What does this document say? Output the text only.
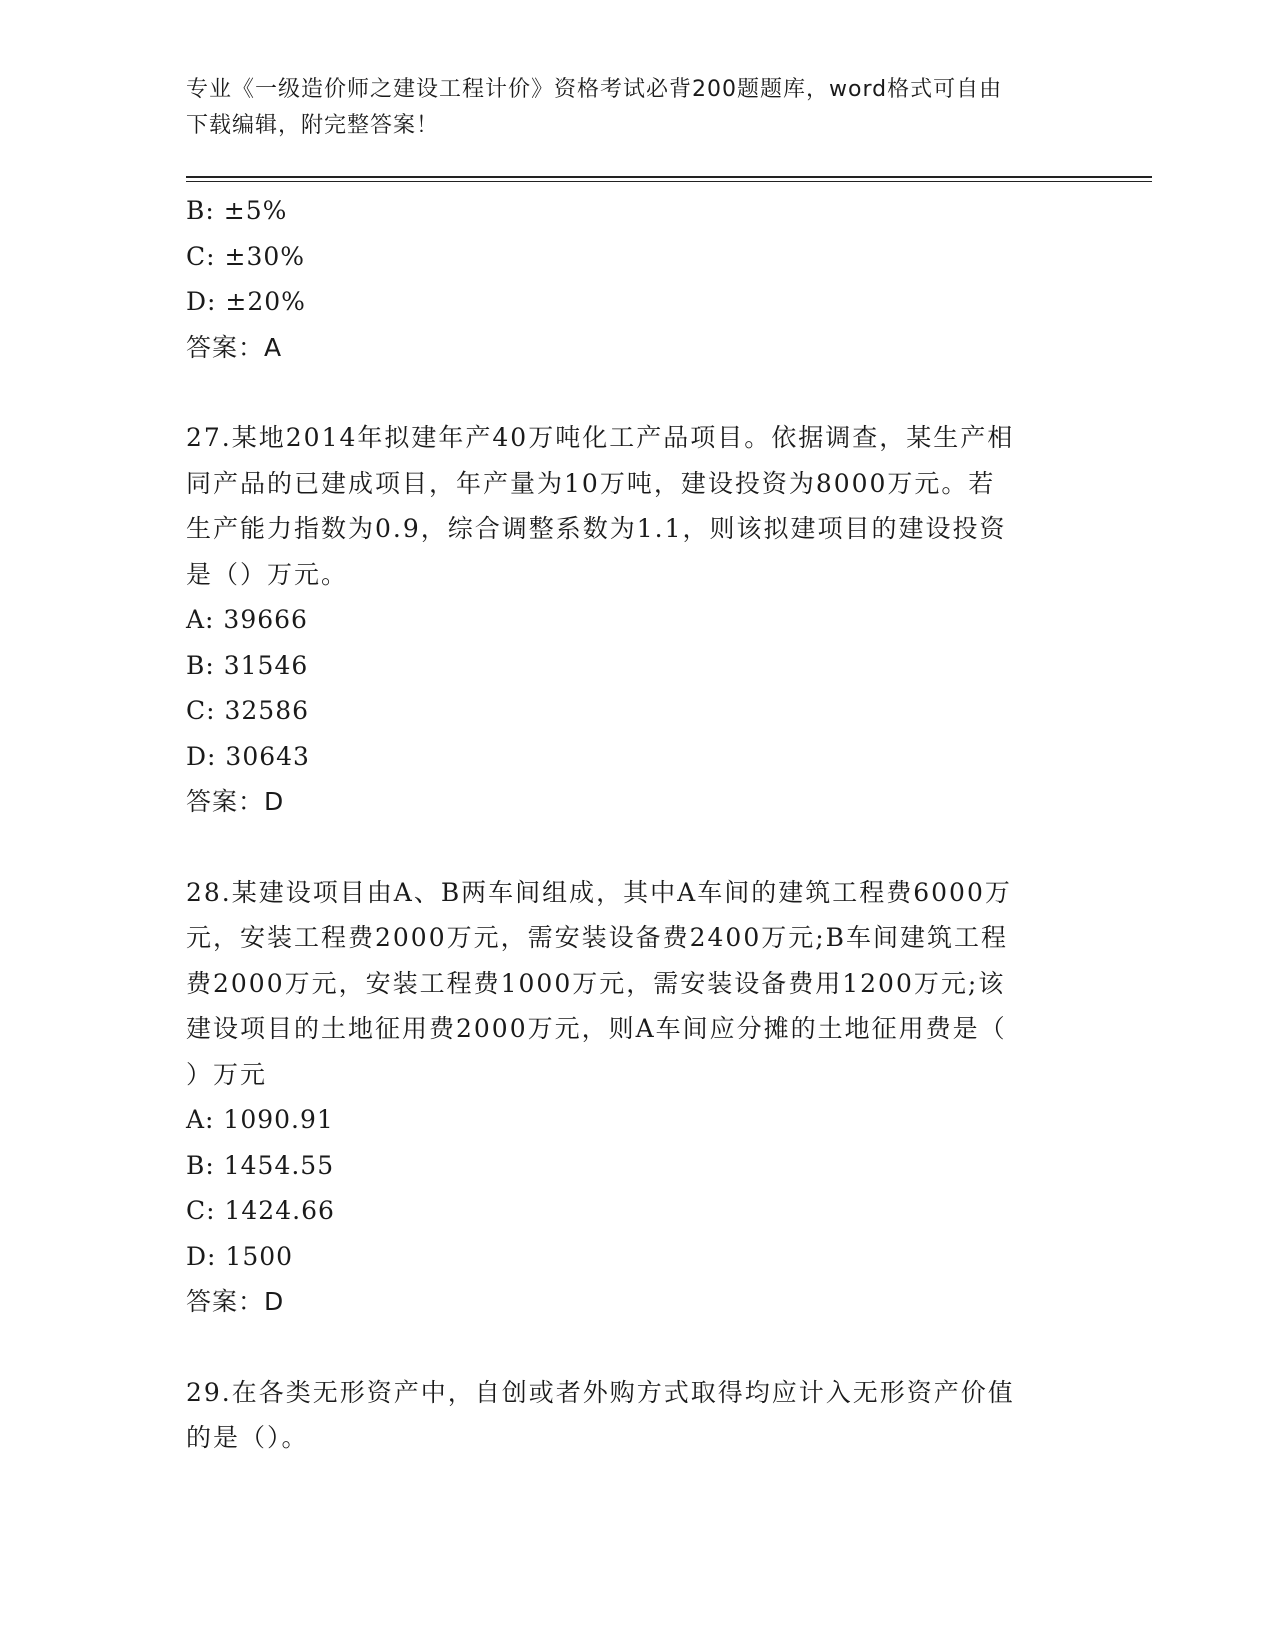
专业《一级造价师之建设工程计价》资格考试必背200题题库，word格式可自由
下载编辑，附完整答案！
B: ±5%
C: ±30%
D: ±20%
答案：A
27.某地2014年拟建年产40万吨化工产品项目。依据调查，某生产相
同产品的已建成项目，年产量为10万吨，建设投资为8000万元。若
生产能力指数为0.9，综合调整系数为1.1，则该拟建项目的建设投资
是（）万元。
A: 39666
B: 31546
C: 32586
D: 30643
答案：D
28.某建设项目由A、B两车间组成，其中A车间的建筑工程费6000万
元，安装工程费2000万元，需安装设备费2400万元;B车间建筑工程
费2000万元，安装工程费1000万元，需安装设备费用1200万元;该
建设项目的土地征用费2000万元，则A车间应分摊的土地征用费是（
）万元
A: 1090.91
B: 1454.55
C: 1424.66
D: 1500
答案：D
29.在各类无形资产中，自创或者外购方式取得均应计入无形资产价值
的是（）。
